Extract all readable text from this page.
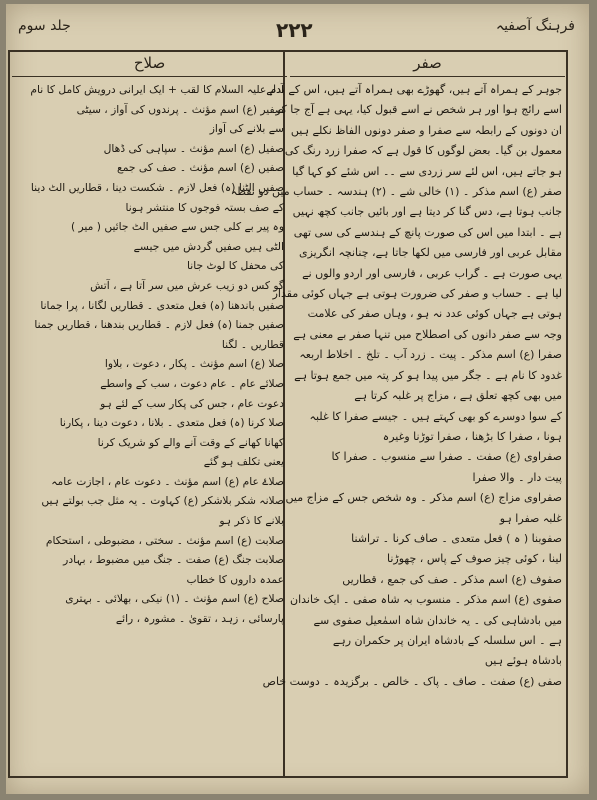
فرہنگ آصفیہ
۲۲۲
جلد سوم
صفر
صلاح

جوہر کے ہمراہ آتے ہیں، گھوڑے بھی ہمراہ آتے ہیں، اس کے بدلے

اسے رائج ہوا اور ہر شخص نے اسے قبول کیا، یہی ہے آج جا کر

ان دونوں کے رابطہ سے صفرا و صفر دونوں الفاظ نکلے ہیں

معمول بن گیا۔ بعض لوگوں کا قول ہے کہ صفرا زرد رنگ کی

ہو جاتے ہیں، اس لئے سر زردی سے ۔۔ اس شئے کو کہا گیا

صفر (ع) اسم مذکر ۔ (۱) خالی شے ۔ (۲) ہندسہ ۔ حساب میں دو نقطہ

جانب ہوتا ہے، دس گنا کر دیتا ہے اور بائیں جانب کچھ نہیں

ہے ۔ ابتدا میں اس کی صورت پانچ کے ہندسے کی سی تھی

مقابل عربی اور فارسی میں لکھا جاتا ہے، چنانچہ انگریزی

یہی صورت ہے ۔ گراب عربی ، فارسی اور اردو والوں نے

لیا ہے ۔ حساب و صفر کی ضرورت ہوتی ہے جہاں کوئی مقدار

ہوتی ہے جہاں کوئی عدد نہ ہو ، وہاں صفر کی علامت

وجہ سے صفر دانوں کی اصطلاح میں تنہا صفر بے معنی ہے

صفرا (ع) اسم مذکر ۔ پیت ۔ زرد آب ۔ تلخ ۔ اخلاط اربعہ

غدود کا نام ہے ۔ جگر میں پیدا ہو کر پتہ میں جمع ہوتا ہے

میں بھی کچھ تعلق ہے ، مزاج پر غلبہ کرتا ہے

کے سوا دوسرے کو بھی کہتے ہیں ۔ جیسے صفرا کا غلبہ

ہونا ، صفرا کا بڑھنا ، صفرا توڑنا وغیرہ

صفراوی (ع) صفت ۔ صفرا سے منسوب ۔ صفرا کا

پیت دار ۔ والا صفرا

صفراوی مزاج (ع) اسم مذکر ۔ وہ شخص جس کے مزاج میں

غلبہ صفرا ہو

صفوبنا ( ہ ) فعل متعدی ۔ صاف کرنا ۔ تراشنا

لینا ، کوئی چیز صوف کے پاس ، چھوڑنا

صفوف (ع) اسم مذکر ۔ صف کی جمع ، قطاریں

صفوی (ع) اسم مذکر ۔ منسوب بہ شاہ صفی ۔ ایک خاندان

میں بادشاہی کی ۔ یہ خاندان شاہ اسمٰعیل صفوی سے

ہے ۔ اس سلسلہ کے بادشاہ ایران پر حکمران رہے

بادشاہ ہوئے ہیں

صفی (ع) صفت ۔ صاف ۔ پاک ۔ خالص ۔ برگزیدہ ۔ دوست خاص

آدم علیہ السلام کا لقب + ایک ایرانی درویش کامل کا نام

صفیر (ع) اسم مؤنث ۔ پرندوں کی آواز ، سیٹی

سے بلانے کی آواز

صفیل (ع) اسم مؤنث ۔ سپاہی کی ڈھال

صفیں (ع) اسم مؤنث ۔ صف کی جمع

صفیں الٹنا (ہ) فعل لازم ۔ شکست دینا ، قطاریں الٹ دینا

کے صف بستہ فوجوں کا منتشر ہونا

وہ پیر بے کلی جس سے صفیں الٹ جائیں ( میر )

الٹی ہیں صفیں گردش میں جیسے

کی محفل کا لوٹ جانا

گو کس دو زیب عرش میں سر آتا ہے ، آتش

صفیں باندھنا (ہ) فعل متعدی ۔ قطاریں لگانا ، پرا جمانا

صفیں جمنا (ہ) فعل لازم ۔ قطاریں بندھنا ، قطاریں جمنا

قطاریں ۔ لگنا

صلا (ع) اسم مؤنث ۔ پکار ، دعوت ، بلاوا

صلائے عام ۔ عام دعوت ، سب کے واسطے

دعوت عام ، جس کی پکار سب کے لئے ہو

صلا کرنا (ہ) فعل متعدی ۔ بلانا ، دعوت دینا ، پکارنا

کھانا کھانے کے وقت آنے والے کو شریک کرنا

یعنی تکلف ہو گئے

صلاۓ عام (ع) اسم مؤنث ۔ دعوت عام ، اجازت عامہ

صلانہ شکر بلاشکر (ع) کہاوت ۔ یہ مثل جب بولتے ہیں

بلانے کا ذکر ہو

صلابت (ع) اسم مؤنث ۔ سختی ، مضبوطی ، استحکام

صلابت جنگ (ع) صفت ۔ جنگ میں مضبوط ، بہادر

عمدہ داروں کا خطاب

صلاح (ع) اسم مؤنث ۔ (۱) نیکی ، بھلائی ۔ بہتری

پارسائی ، زہد ، تقویٰ ۔ مشورہ ، رائے
